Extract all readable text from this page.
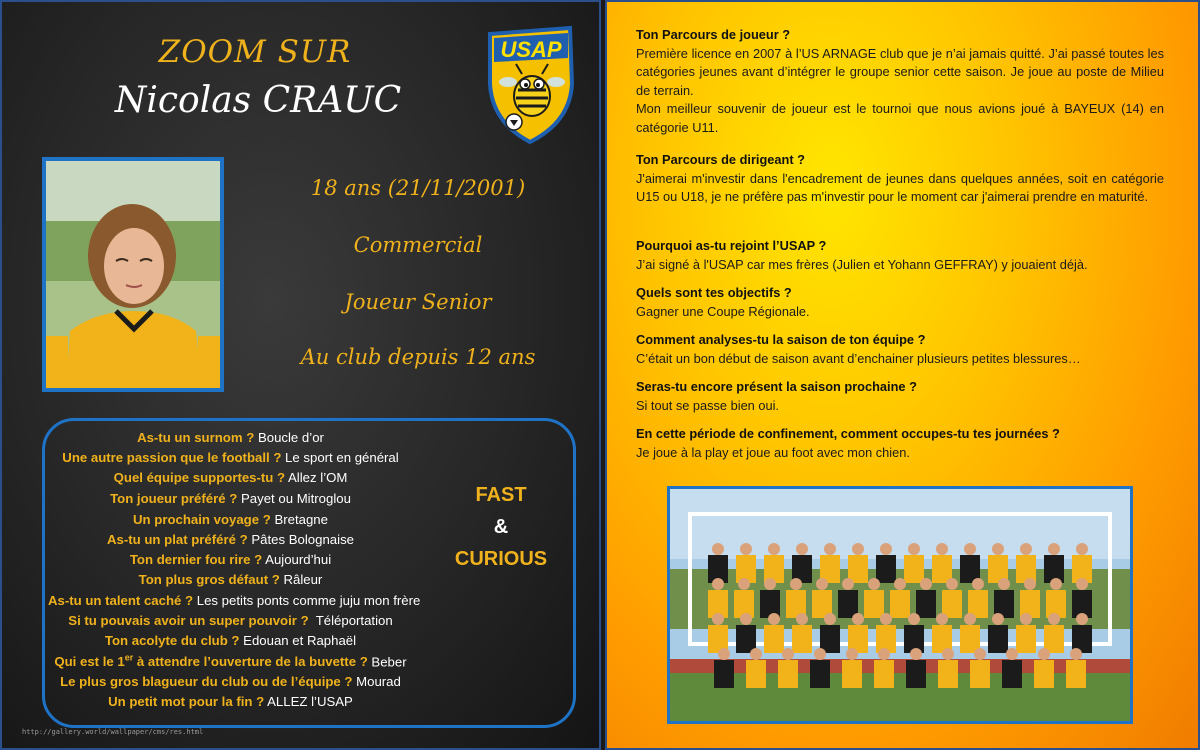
ZOOM SUR
Nicolas CRAUC
USAP
18 ans (21/11/2001)
Commercial
Joueur Senior
Au club depuis 12 ans
As-tu un surnom ? Boucle d’or
Une autre passion que le football ? Le sport en général
Quel équipe supportes-tu ? Allez l’OM
Ton joueur préféré ? Payet ou Mitroglou
Un prochain voyage ? Bretagne
As-tu un plat préféré ? Pâtes Bolognaise
Ton dernier fou rire ? Aujourd’hui
Ton plus gros défaut ? Râleur
As-tu un talent caché ? Les petits ponts comme juju mon frère
Si tu pouvais avoir un super pouvoir ?  Téléportation
Ton acolyte du club ? Edouan et Raphaël
Qui est le 1er à attendre l’ouverture de la buvette ? Beber
Le plus gros blagueur du club ou de l’équipe ? Mourad
Un petit mot pour la fin ? ALLEZ l’USAP
FAST
&
CURIOUS
http://gallery.world/wallpaper/cms/res.html
Ton Parcours de joueur ?
Première licence en 2007 à l’US ARNAGE club que je n’ai jamais quitté. J’ai passé toutes les catégories jeunes avant d’intégrer le groupe senior cette saison. Je joue au poste de Milieu de terrain.
Mon meilleur souvenir de joueur est le tournoi que nous avions joué à BAYEUX (14) en catégorie U11.
Ton Parcours de dirigeant ?
J'aimerai m'investir dans l'encadrement de jeunes dans quelques années, soit en catégorie U15 ou U18, je ne préfère pas m'investir pour le moment car j'aimerai prendre en maturité.
Pourquoi as-tu rejoint l’USAP ?
J’ai signé à l'USAP car mes frères (Julien et Yohann GEFFRAY) y jouaient déjà.
Quels sont tes objectifs ?
Gagner une Coupe Régionale.
Comment analyses-tu la saison de ton équipe ?
C’était un bon début de saison avant d’enchainer plusieurs petites blessures…
Seras-tu encore présent la saison prochaine ?
Si tout se passe bien oui.
En cette période de confinement, comment occupes-tu tes journées ?
Je joue à la play et joue au foot avec mon chien.
